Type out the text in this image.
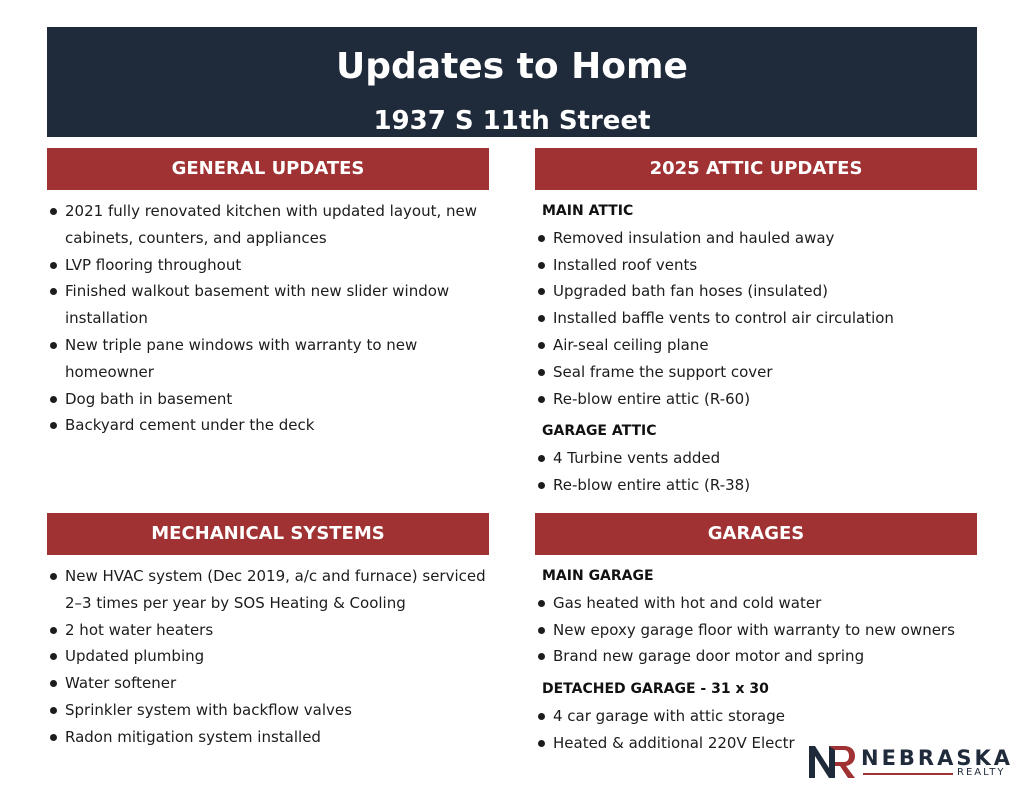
Updates to Home
1937 S 11th Street
GENERAL UPDATES
2021 fully renovated kitchen with updated layout, new cabinets, counters, and appliances
LVP flooring throughout
Finished walkout basement with new slider window installation
New triple pane windows with warranty to new homeowner
Dog bath in basement
Backyard cement under the deck
2025 ATTIC UPDATES
MAIN ATTIC
Removed insulation and hauled away
Installed roof vents
Upgraded bath fan hoses (insulated)
Installed baffle vents to control air circulation
Air-seal ceiling plane
Seal frame the support cover
Re-blow entire attic (R-60)
GARAGE ATTIC
4 Turbine vents added
Re-blow entire attic (R-38)
MECHANICAL SYSTEMS
New HVAC system (Dec 2019, a/c and furnace) serviced 2–3 times per year by SOS Heating & Cooling
2 hot water heaters
Updated plumbing
Water softener
Sprinkler system with backflow valves
Radon mitigation system installed
GARAGES
MAIN GARAGE
Gas heated with hot and cold water
New epoxy garage floor with warranty to new owners
Brand new garage door motor and spring
DETACHED GARAGE - 31 x 30
4 car garage with attic storage
Heated & additional 220V Electr
NEBRASKA
REALTY
